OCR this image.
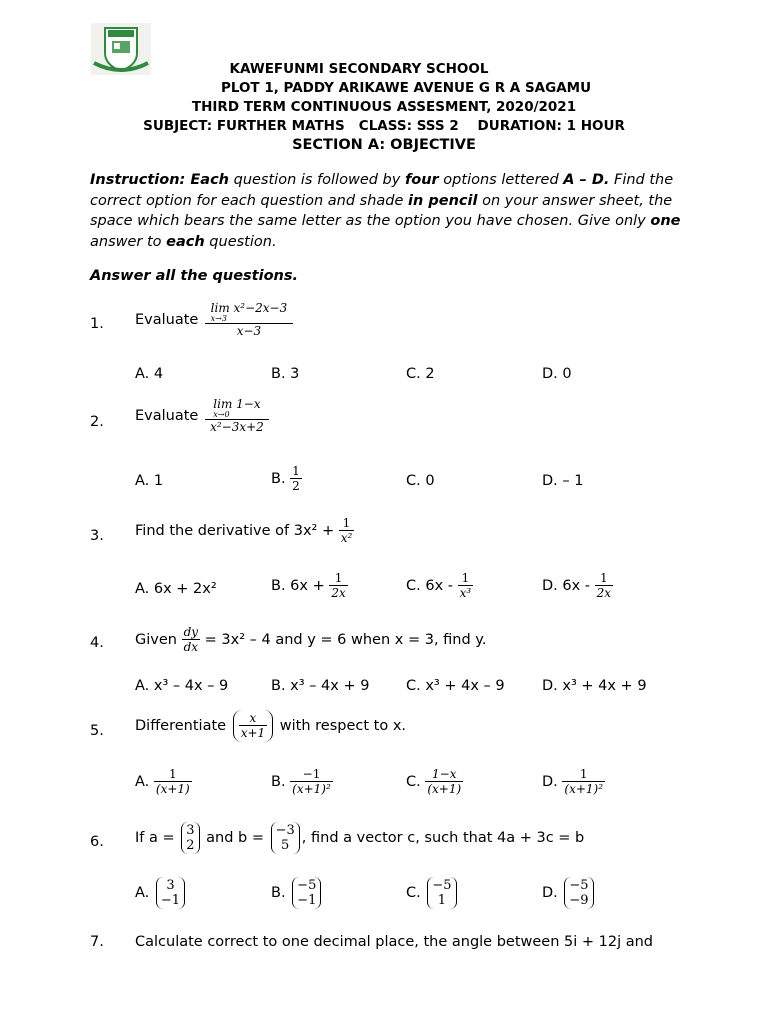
KAWEFUNMI SECONDARY SCHOOL
PLOT 1, PADDY ARIKAWE AVENUE G R A SAGAMU
THIRD TERM CONTINUOUS ASSESMENT, 2020/2021
SUBJECT: FURTHER MATHS   CLASS: SSS 2    DURATION: 1 HOUR
SECTION A: OBJECTIVE
Instruction: Each question is followed by four options lettered A – D. Find the correct option for each question and shade in pencil on your answer sheet, the space which bears the same letter as the option you have chosen. Give only one answer to each question.
Answer all the questions.
1. Evaluate
lim x²−2x−3

x→3
x−3
A. 4	B. 3	C. 2	D. 0
2. Evaluate
lim 1−x

x→0
x²−3x+2
A. 1	B. $\frac{1}{2}$	C. 0	D. – 1
3. Find the derivative of $3x^2 + \frac{1}{\text{x²}}$
A. 6x + 2x²	B. $6x + \frac{1}{2x}$	C. $6x - \frac{1}{\text{x³}}$	D. $6x - \frac{1}{2x}$
4. Given $\frac{dy}{dx} = 3x^2 - 4$ and y = 6 when x = 3, find y.
A. x³ – 4x – 9	B. x³ – 4x + 9	C. x³ + 4x – 9	D. x³ + 4x + 9
5. Differentiate x
x+1 with respect to x.
A. $\frac{1}{(x+1)}$	B. $\frac{-1}{\text{(x+1)²}}$	C. $\frac{1-x}{(x+1)}$	D. $\frac{1}{\text{(x+1)²}}$
6. If a = 3
2 and b = −3
5 , find a vector c, such that 4a + 3c = b
A. 3
−1	B. −5
−1	C. −5
1	D. −5
−9
7. Calculate correct to one decimal place, the angle between 5i + 12j and
